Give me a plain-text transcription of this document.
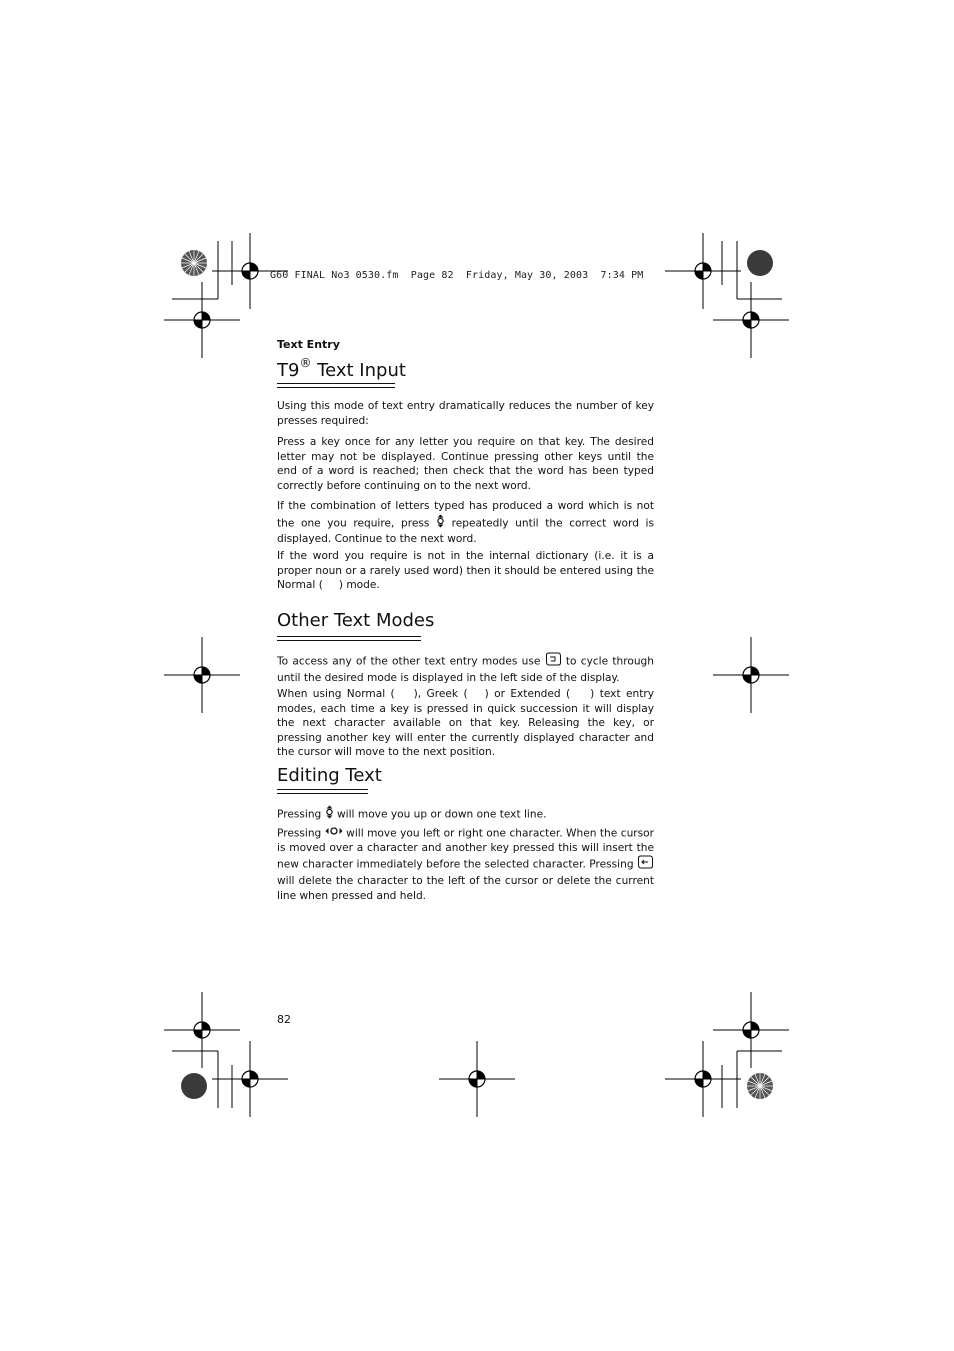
G60 FINAL No3 0530.fm  Page 82  Friday, May 30, 2003  7:34 PM
Text Entry
T9® Text Input

Using this mode of text entry dramatically reduces the number of key presses required:

Press a key once for any letter you require on that key. The desired letter may not be displayed. Continue pressing other keys until the end of a word is reached; then check that the word has been typed correctly before continuing on to the next word.

If the combination of letters typed has produced a word which is not the one you require, press  repeatedly until the correct word is displayed. Continue to the next word.

If the word you require is not in the internal dictionary (i.e. it is a proper noun or a rarely used word) then it should be entered using the Normal ( ) mode.

Other Text Modes

To access any of the other text entry modes use  to cycle through until the desired mode is displayed in the left side of the display.

When using Normal ( ), Greek ( ) or Extended ( ) text entry modes, each time a key is pressed in quick succession it will display the next character available on that key. Releasing the key, or pressing another key will enter the currently displayed character and the cursor will move to the next position.

Editing Text

Pressing  will move you up or down one text line.

Pressing  will move you left or right one character. When the cursor is moved over a character and another key pressed this will insert the new character immediately before the selected character. Pressing  will delete the character to the left of the cursor or delete the current line when pressed and held.

82
